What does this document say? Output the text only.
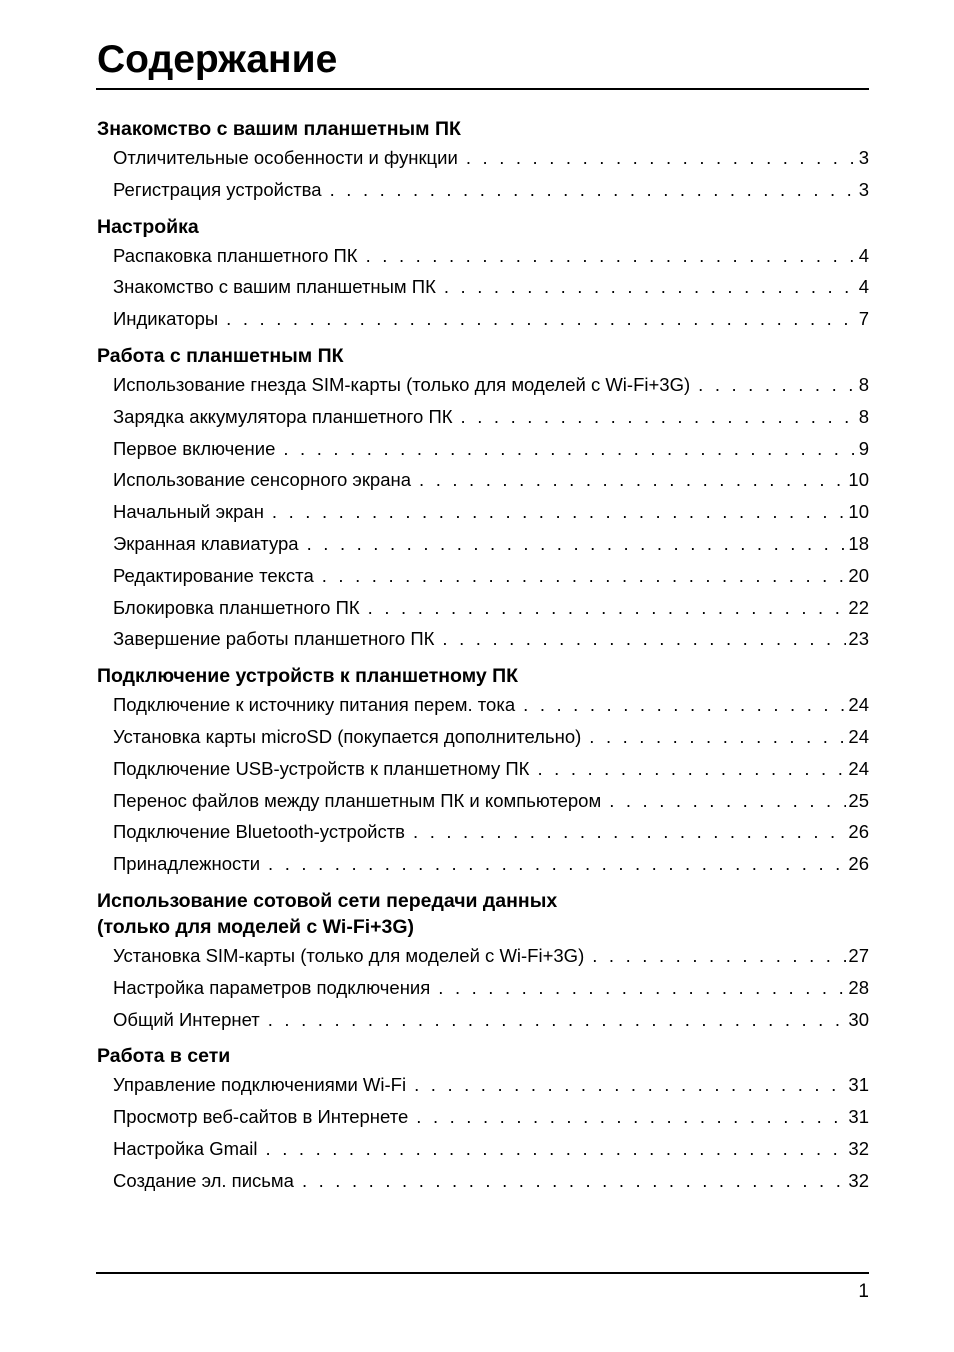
Содержание
Знакомство с вашим планшетным ПК
Отличительные особенности и функции . . .	3
Регистрация устройства . . .	3
Настройка
Распаковка планшетного ПК . . .	4
Знакомство с вашим планшетным ПК . . .	4
Индикаторы . . .	7
Работа с планшетным ПК
Использование гнезда SIM-карты (только для моделей с Wi-Fi+3G) . . .	8
Зарядка аккумулятора планшетного ПК . . .	8
Первое включение . . .	9
Использование сенсорного экрана . . .	10
Начальный экран . . .	10
Экранная клавиатура . . .	18
Редактирование текста . . .	20
Блокировка планшетного ПК . . .	22
Завершение работы планшетного ПК . . .	23
Подключение устройств к планшетному ПК
Подключение к источнику питания перем. тока . . .	24
Установка карты microSD (покупается дополнительно) . . .	24
Подключение USB-устройств к планшетному ПК . . .	24
Перенос файлов между планшетным ПК и компьютером . . .	25
Подключение Bluetooth-устройств . . .	26
Принадлежности . . .	26
Использование сотовой сети передачи данных
(только для моделей с Wi-Fi+3G)
Установка SIM-карты (только для моделей с Wi-Fi+3G) . . .	27
Настройка параметров подключения . . .	28
Общий Интернет . . .	30
Работа в сети
Управление подключениями Wi-Fi . . .	31
Просмотр веб-сайтов в Интернете . . .	31
Настройка Gmail . . .	32
Создание эл. письма . . .	32
1
